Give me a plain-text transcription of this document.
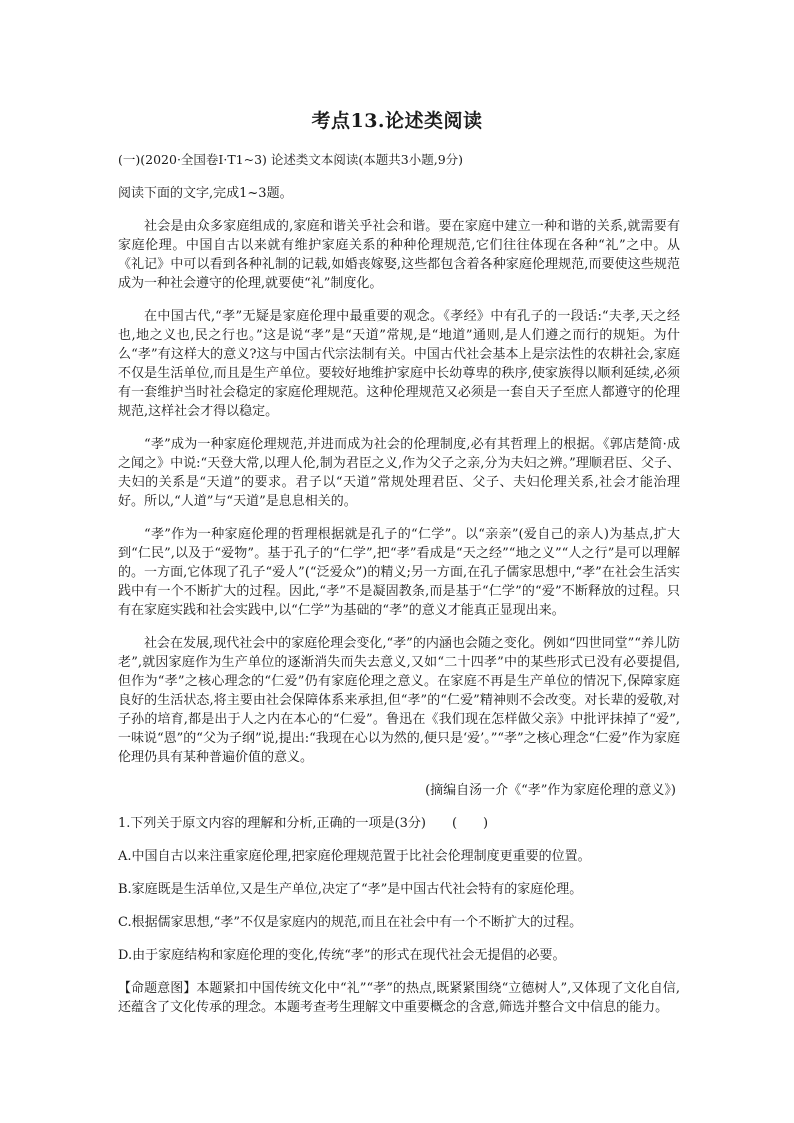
考点13.论述类阅读

(一)(2020·全国卷Ⅰ·T1~3) 论述类文本阅读(本题共3小题,9分)

阅读下面的文字,完成1~3题。

社会是由众多家庭组成的,家庭和谐关乎社会和谐。要在家庭中建立一种和谐的关系,就需要有家庭伦理。中国自古以来就有维护家庭关系的种种伦理规范,它们往往体现在各种“礼”之中。从《礼记》中可以看到各种礼制的记载,如婚丧嫁娶,这些都包含着各种家庭伦理规范,而要使这些规范成为一种社会遵守的伦理,就要使“礼”制度化。

在中国古代,“孝”无疑是家庭伦理中最重要的观念。《孝经》中有孔子的一段话:“夫孝,天之经也,地之义也,民之行也。”这是说“孝”是“天道”常规,是“地道”通则,是人们遵之而行的规矩。为什么“孝”有这样大的意义?这与中国古代宗法制有关。中国古代社会基本上是宗法性的农耕社会,家庭不仅是生活单位,而且是生产单位。要较好地维护家庭中长幼尊卑的秩序,使家族得以顺利延续,必须有一套维护当时社会稳定的家庭伦理规范。这种伦理规范又必须是一套自天子至庶人都遵守的伦理规范,这样社会才得以稳定。

“孝”成为一种家庭伦理规范,并进而成为社会的伦理制度,必有其哲理上的根据。《郭店楚简·成之闻之》中说:“天登大常,以理人伦,制为君臣之义,作为父子之亲,分为夫妇之辨。”理顺君臣、父子、夫妇的关系是“天道”的要求。君子以“天道”常规处理君臣、父子、夫妇伦理关系,社会才能治理好。所以,“人道”与“天道”是息息相关的。

“孝”作为一种家庭伦理的哲理根据就是孔子的“仁学”。以“亲亲”(爱自己的亲人)为基点,扩大到“仁民”,以及于“爱物”。基于孔子的“仁学”,把“孝”看成是“天之经”“地之义”“人之行”是可以理解的。一方面,它体现了孔子“爱人”(“泛爱众”)的精义;另一方面,在孔子儒家思想中,“孝”在社会生活实践中有一个不断扩大的过程。因此,“孝”不是凝固教条,而是基于“仁学”的“爱”不断释放的过程。只有在家庭实践和社会实践中,以“仁学”为基础的“孝”的意义才能真正显现出来。

社会在发展,现代社会中的家庭伦理会变化,“孝”的内涵也会随之变化。例如“四世同堂”“养儿防老”,就因家庭作为生产单位的逐渐消失而失去意义,又如“二十四孝”中的某些形式已没有必要提倡,但作为“孝”之核心理念的“仁爱”仍有家庭伦理之意义。在家庭不再是生产单位的情况下,保障家庭良好的生活状态,将主要由社会保障体系来承担,但“孝”的“仁爱”精神则不会改变。对长辈的爱敬,对子孙的培育,都是出于人之内在本心的“仁爱”。鲁迅在《我们现在怎样做父亲》中批评抹掉了“爱”,一味说“恩”的“父为子纲”说,提出:“我现在心以为然的,便只是‘爱’。”“孝”之核心理念“仁爱”作为家庭伦理仍具有某种普遍价值的意义。

(摘编自汤一介《“孝”作为家庭伦理的意义》)

1.下列关于原文内容的理解和分析,正确的一项是(3分)　　(　　)

A.中国自古以来注重家庭伦理,把家庭伦理规范置于比社会伦理制度更重要的位置。

B.家庭既是生活单位,又是生产单位,决定了“孝”是中国古代社会特有的家庭伦理。

C.根据儒家思想,“孝”不仅是家庭内的规范,而且在社会中有一个不断扩大的过程。

D.由于家庭结构和家庭伦理的变化,传统“孝”的形式在现代社会无提倡的必要。

【命题意图】本题紧扣中国传统文化中“礼”“孝”的热点,既紧紧围绕“立德树人”,又体现了文化自信,还蕴含了文化传承的理念。本题考查考生理解文中重要概念的含意,筛选并整合文中信息的能力。
